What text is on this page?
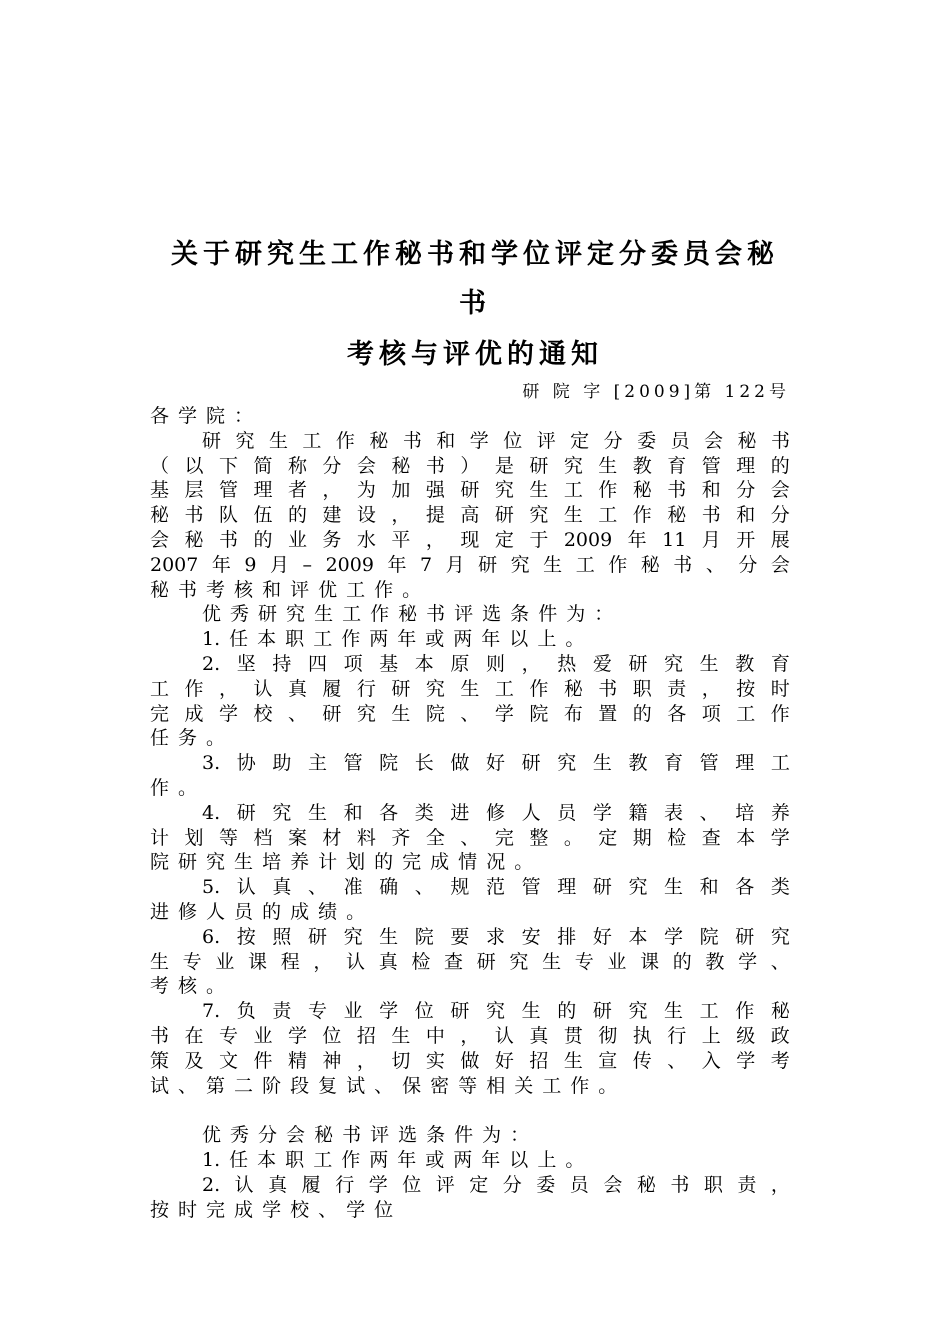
关于研究生工作秘书和学位评定分委员会秘
书
考核与评优的通知
研 院 字 [2009]第 122号
各 学 院 ：
研 究 生 工 作 秘 书 和 学 位 评 定 分 委 员 会 秘 书
（ 以 下 简 称 分 会 秘 书 ） 是 研 究 生 教 育 管 理 的
基 层 管 理 者 ， 为 加 强 研 究 生 工 作 秘 书 和 分 会
秘 书 队 伍 的 建 设 ， 提 高 研 究 生 工 作 秘 书 和 分
会 秘 书 的 业 务 水 平 ， 现 定 于 2009 年 11 月 开 展
2007 年 9 月 – 2009 年 7 月 研 究 生 工 作 秘 书 、 分 会
秘 书 考 核 和 评 优 工 作 。
优 秀 研 究 生 工 作 秘 书 评 选 条 件 为 ：
1. 任 本 职 工 作 两 年 或 两 年 以 上 。
2. 坚 持 四 项 基 本 原 则 ， 热 爱 研 究 生 教 育
工 作 ， 认 真 履 行 研 究 生 工 作 秘 书 职 责 ， 按 时
完 成 学 校 、 研 究 生 院 、 学 院 布 置 的 各 项 工 作
任 务 。
3. 协 助 主 管 院 长 做 好 研 究 生 教 育 管 理 工
作 。
4. 研 究 生 和 各 类 进 修 人 员 学 籍 表 、 培 养
计 划 等 档 案 材 料 齐 全 、 完 整 。 定 期 检 查 本 学
院 研 究 生 培 养 计 划 的 完 成 情 况 。
5. 认 真 、 准 确 、 规 范 管 理 研 究 生 和 各 类
进 修 人 员 的 成 绩 。
6. 按 照 研 究 生 院 要 求 安 排 好 本 学 院 研 究
生 专 业 课 程 ， 认 真 检 查 研 究 生 专 业 课 的 教 学 、
考 核 。
7. 负 责 专 业 学 位 研 究 生 的 研 究 生 工 作 秘
书 在 专 业 学 位 招 生 中 ， 认 真 贯 彻 执 行 上 级 政
策 及 文 件 精 神 ， 切 实 做 好 招 生 宣 传 、 入 学 考
试 、 第 二 阶 段 复 试 、 保 密 等 相 关 工 作 。

优 秀 分 会 秘 书 评 选 条 件 为 ：
1. 任 本 职 工 作 两 年 或 两 年 以 上 。
2. 认 真 履 行 学 位 评 定 分 委 员 会 秘 书 职 责 ，
按 时 完 成 学 校 、 学 位
